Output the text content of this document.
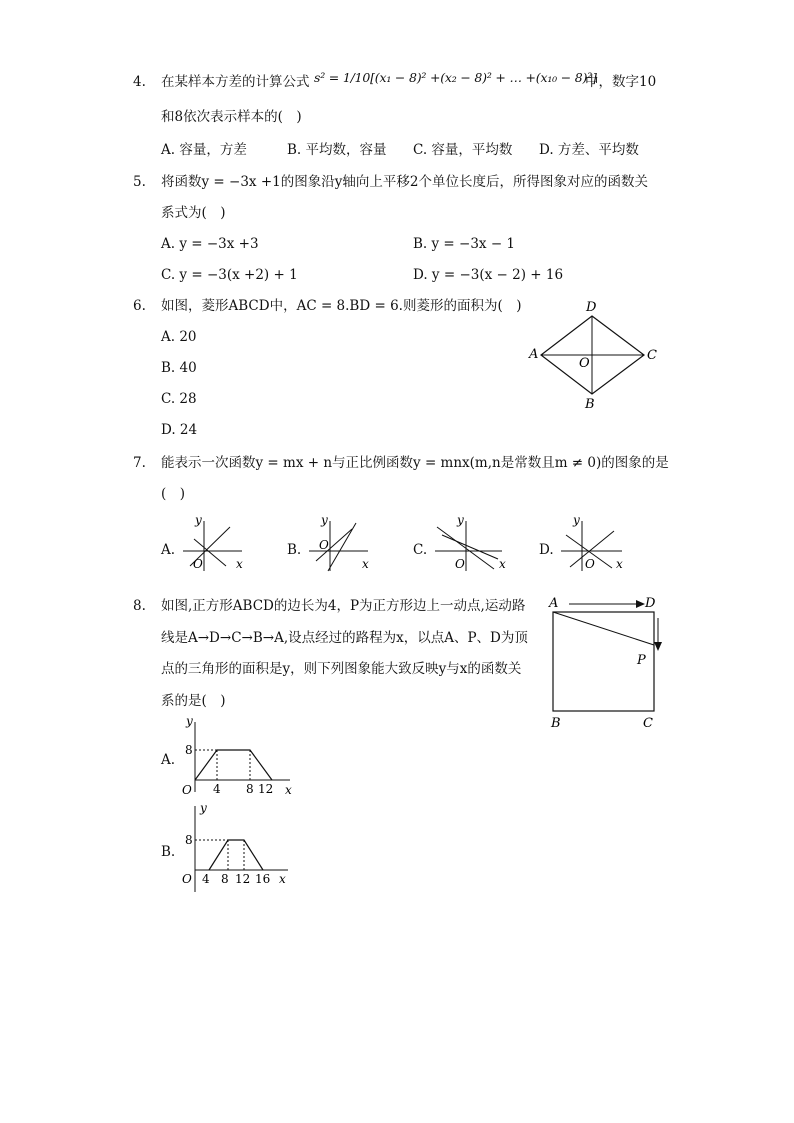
4. 在某样本方差的计算公式 s² = 1/10[(x₁ − 8)² +(x₂ − 8)² + … +(x₁₀ − 8)²]
中，数字10
和8依次表示样本的(　)
A. 容量，方差	B. 平均数，容量 C. 容量，平均数 D. 方差、平均数
5. 将函数y = −3x +1的图象沿y轴向上平移2个单位长度后，所得图象对应的函数关
系式为(　)
A. y = −3x +3	B. y = −3x − 1
C. y = −3(x +2) + 1	D. y = −3(x − 2) + 16
6. 如图，菱形ABCD中，AC = 8.BD = 6.则菱形的面积为(　)
A. 20
B. 40
C. 28
D. 24
D
A	C
B
O
7. 能表示一次函数y = mx + n与正比例函数y = mnx(m,n是常数且m ≠ 0)的图象的是
(　)
A.
y
x
O
B.
y
x
O	C.
y
x
O
D.
y
x
O
8. 如图,正方形ABCD的边长为4，P为正方形边上一动点,运动路
线是A→D→C→B→A,设点经过的路程为x，以点A、P、D为顶
点的三角形的面积是y，则下列图象能大致反映y与x的函数关
系的是(　)
A	D
P
B	C
A.
y
x
O
8
4 8 12
B.
y
x
O
8
4 8 12 16
